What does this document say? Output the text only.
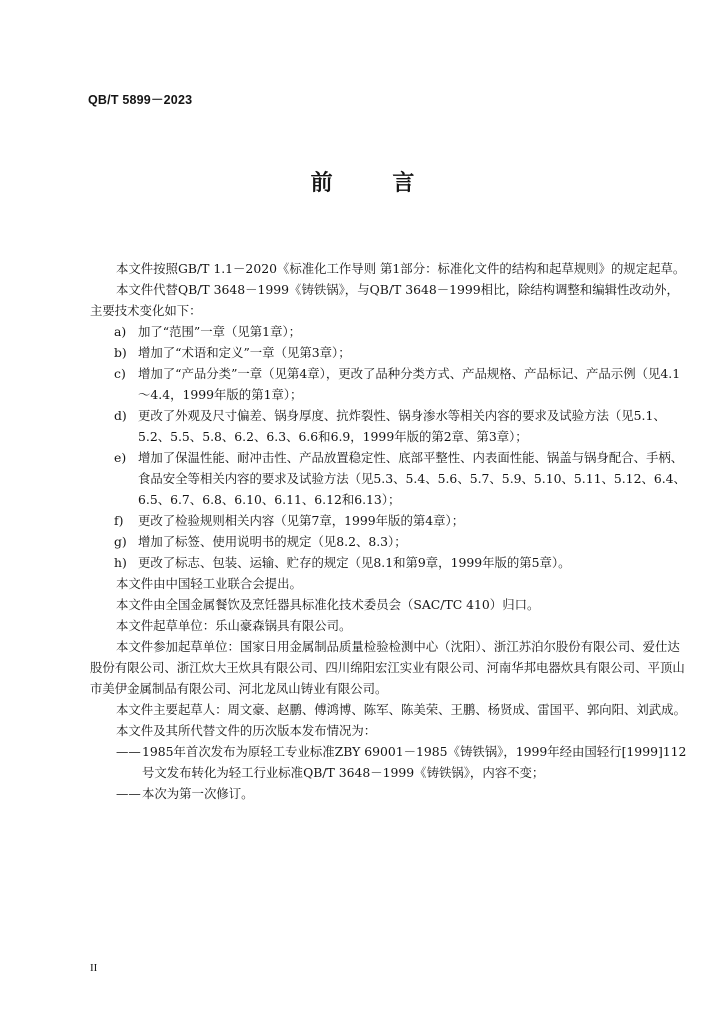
QB/T 5899－2023
前 言

本文件按照GB/T 1.1－2020《标准化工作导则 第1部分：标准化文件的结构和起草规则》的规定起草。

本文件代替QB/T 3648－1999《铸铁锅》，与QB/T 3648－1999相比，除结构调整和编辑性改动外，主要技术变化如下：

a) 加了“范围”一章（见第1章）；
b) 增加了“术语和定义”一章（见第3章）；
c) 增加了“产品分类”一章（见第4章），更改了品种分类方式、产品规格、产品标记、产品示例（见4.1～4.4，1999年版的第1章）；
d) 更改了外观及尺寸偏差、锅身厚度、抗炸裂性、锅身渗水等相关内容的要求及试验方法（见5.1、5.2、5.5、5.8、6.2、6.3、6.6和6.9，1999年版的第2章、第3章）；
e) 增加了保温性能、耐冲击性、产品放置稳定性、底部平整性、内表面性能、锅盖与锅身配合、手柄、食品安全等相关内容的要求及试验方法（见5.3、5.4、5.6、5.7、5.9、5.10、5.11、5.12、6.4、6.5、6.7、6.8、6.10、6.11、6.12和6.13）；
f) 更改了检验规则相关内容（见第7章，1999年版的第4章）；
g) 增加了标签、使用说明书的规定（见8.2、8.3）；
h) 更改了标志、包装、运输、贮存的规定（见8.1和第9章，1999年版的第5章）。

本文件由中国轻工业联合会提出。

本文件由全国金属餐饮及烹饪器具标准化技术委员会（SAC/TC 410）归口。

本文件起草单位：乐山豪森锅具有限公司。

本文件参加起草单位：国家日用金属制品质量检验检测中心（沈阳）、浙江苏泊尔股份有限公司、爱仕达股份有限公司、浙江炊大王炊具有限公司、四川绵阳宏江实业有限公司、河南华邦电器炊具有限公司、平顶山市美伊金属制品有限公司、河北龙凤山铸业有限公司。

本文件主要起草人：周文豪、赵鹏、傅鸿博、陈军、陈美荣、王鹏、杨贤成、雷国平、郭向阳、刘武成。

本文件及其所代替文件的历次版本发布情况为：

—— 1985年首次发布为原轻工专业标准ZBY 69001－1985《铸铁锅》，1999年经由国轻行[1999]112号文发布转化为轻工行业标准QB/T 3648－1999《铸铁锅》，内容不变；
—— 本次为第一次修订。
II
